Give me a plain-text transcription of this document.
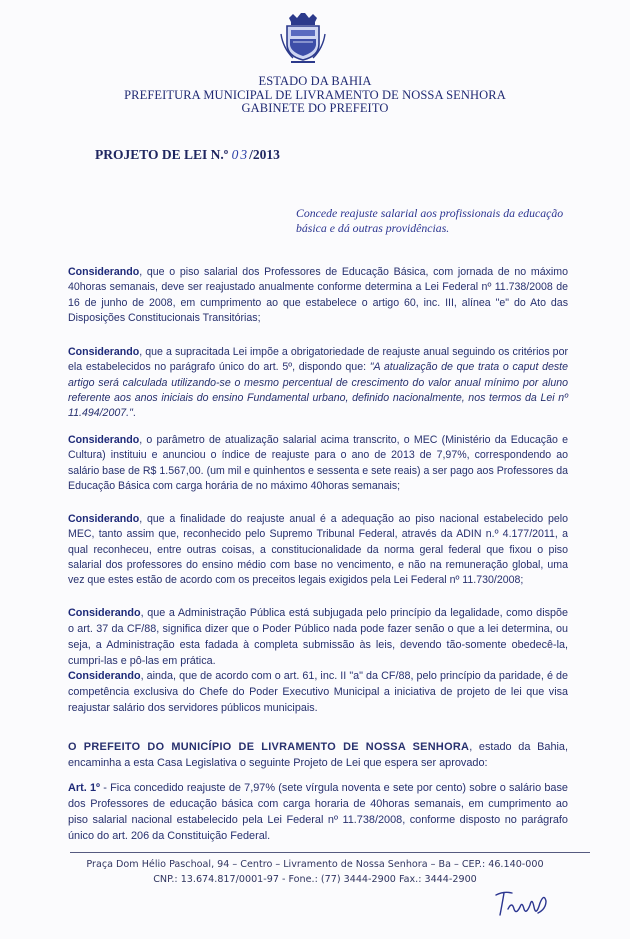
ESTADO DA BAHIA
PREFEITURA MUNICIPAL DE LIVRAMENTO DE NOSSA SENHORA
GABINETE DO PREFEITO
PROJETO DE LEI N.º 03/2013
Concede reajuste salarial aos profissionais da educação básica e dá outras providências.
Considerando, que o piso salarial dos Professores de Educação Básica, com jornada de no máximo 40horas semanais, deve ser reajustado anualmente conforme determina a Lei Federal nº 11.738/2008 de 16 de junho de 2008, em cumprimento ao que estabelece o artigo 60, inc. III, alínea "e" do Ato das Disposições Constitucionais Transitórias;
Considerando, que a supracitada Lei impõe a obrigatoriedade de reajuste anual seguindo os critérios por ela estabelecidos no parágrafo único do art. 5º, dispondo que: "A atualização de que trata o caput deste artigo será calculada utilizando-se o mesmo percentual de crescimento do valor anual mínimo por aluno referente aos anos iniciais do ensino Fundamental urbano, definido nacionalmente, nos termos da Lei nº 11.494/2007.".
Considerando, o parâmetro de atualização salarial acima transcrito, o MEC (Ministério da Educação e Cultura) instituiu e anunciou o índice de reajuste para o ano de 2013 de 7,97%, correspondendo ao salário base de R$ 1.567,00. (um mil e quinhentos e sessenta e sete reais) a ser pago aos Professores da Educação Básica com carga horária de no máximo 40horas semanais;
Considerando, que a finalidade do reajuste anual é a adequação ao piso nacional estabelecido pelo MEC, tanto assim que, reconhecido pelo Supremo Tribunal Federal, através da ADIN n.º 4.177/2011, a qual reconheceu, entre outras coisas, a constitucionalidade da norma geral federal que fixou o piso salarial dos professores do ensino médio com base no vencimento, e não na remuneração global, uma vez que estes estão de acordo com os preceitos legais exigidos pela Lei Federal nº 11.730/2008;
Considerando, que a Administração Pública está subjugada pelo princípio da legalidade, como dispõe o art. 37 da CF/88, significa dizer que o Poder Público nada pode fazer senão o que a lei determina, ou seja, a Administração esta fadada à completa submissão às leis, devendo tão-somente obedecê-la, cumpri-las e pô-las em prática.
Considerando, ainda, que de acordo com o art. 61, inc. II "a" da CF/88, pelo princípio da paridade, é de competência exclusiva do Chefe do Poder Executivo Municipal a iniciativa de projeto de lei que visa reajustar salário dos servidores públicos municipais.
O PREFEITO DO MUNICÍPIO DE LIVRAMENTO DE NOSSA SENHORA, estado da Bahia, encaminha a esta Casa Legislativa o seguinte Projeto de Lei que espera ser aprovado:
Art. 1º - Fica concedido reajuste de 7,97% (sete vírgula noventa e sete por cento) sobre o salário base dos Professores de educação básica com carga horaria de 40horas semanais, em cumprimento ao piso salarial nacional estabelecido pela Lei Federal nº 11.738/2008, conforme disposto no parágrafo único do art. 206 da Constituição Federal.
Praça Dom Hélio Paschoal, 94 – Centro – Livramento de Nossa Senhora – Ba – CEP.: 46.140-000
CNP.: 13.674.817/0001-97 - Fone.: (77) 3444-2900 Fax.: 3444-2900
